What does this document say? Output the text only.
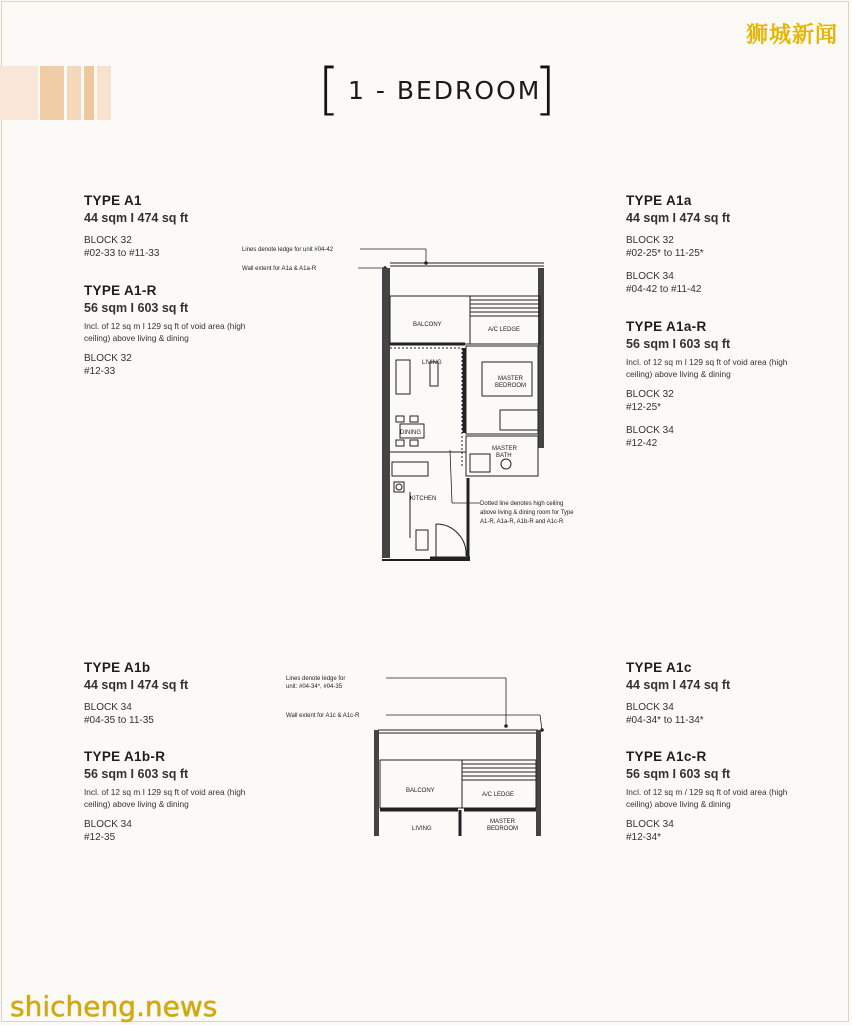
狮城新闻
[ 1 - BEDROOM
]

TYPE A1

44 sqm I 474 sq ft

BLOCK 32

#02-33 to #11-33

TYPE A1-R

56 sqm I 603 sq ft

Incl. of 12 sq m I 129 sq ft of void area (high ceiling) above living & dining

BLOCK 32

#12-33

TYPE A1a

44 sqm I 474 sq ft

BLOCK 32

#02-25* to 11-25*

BLOCK 34

#04-42 to #11-42

TYPE A1a-R

56 sqm I 603 sq ft

Incl. of 12 sq m I 129 sq ft of void area (high ceiling) above living & dining

BLOCK 32

#12-25*

BLOCK 34

#12-42

Lines denote ledge for unit #04-42
Wall extent for A1a & A1a-R
BALCONY
A/C LEDGE
LIVING
MASTER
BEDROOM
DINING
MASTER
BATH
KITCHEN
Dotted line denotes high ceiling
above living & dining room for Type
A1-R, A1a-R, A1b-R and A1c-R

TYPE A1b

44 sqm I 474 sq ft

BLOCK 34

#04-35 to 11-35

TYPE A1b-R

56 sqm I 603 sq ft

Incl. of 12 sq m I 129 sq ft of void area (high ceiling) above living & dining

BLOCK 34

#12-35

TYPE A1c

44 sqm I 474 sq ft

BLOCK 34

#04-34* to 11-34*

TYPE A1c-R

56 sqm I 603 sq ft

Incl. of 12 sq m / 129 sq ft of void area (high ceiling) above living & dining

BLOCK 34

#12-34*

Lines denote ledge for
unit: #04-34*, #04-35
Wall extent for A1c & A1c-R
BALCONY
A/C LEDGE
LIVING
MASTER
BEDROOM
shicheng.news
